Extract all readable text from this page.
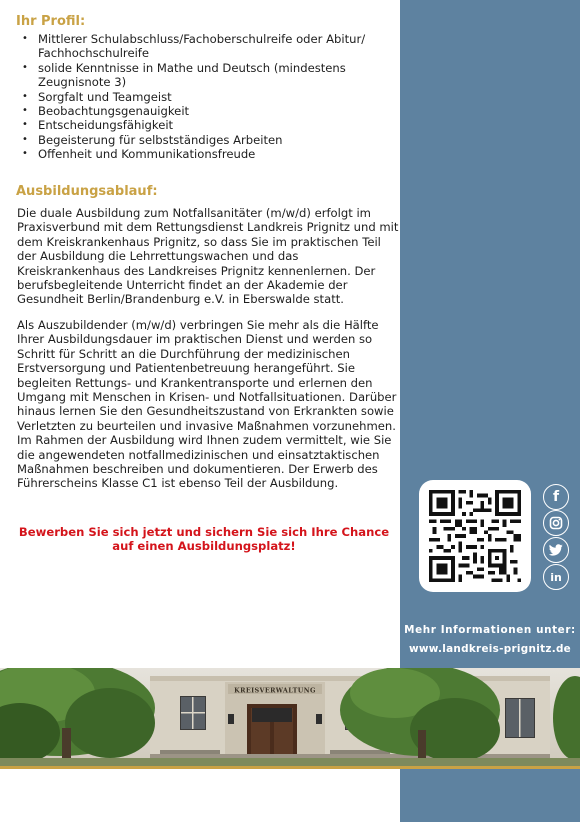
Ihr Profil:
• Mittlerer Schulabschluss/Fachoberschulreife oder Abitur/ Fachhochschulreife
• solide Kenntnisse in Mathe und Deutsch (mindestens Zeugnisnote 3)
• Sorgfalt und Teamgeist
• Beobachtungsgenauigkeit
• Entscheidungsfähigkeit
• Begeisterung für selbstständiges Arbeiten
• Offenheit und Kommunikationsfreude
Ausbildungsablauf:

Die duale Ausbildung zum Notfallsanitäter (m/w/d) erfolgt im Praxisverbund mit dem Rettungsdienst Landkreis Prignitz und mit dem Kreiskrankenhaus Prignitz, so dass Sie im praktischen Teil der Ausbildung die Lehrrettungswachen und das Kreiskrankenhaus des Landkreises Prignitz kennenlernen. Der berufsbegleitende Unterricht findet an der Akademie der Gesundheit Berlin/Brandenburg e.V. in Eberswalde statt.

Als Auszubildender (m/w/d) verbringen Sie mehr als die Hälfte Ihrer Ausbildungsdauer im praktischen Dienst und werden so Schritt für Schritt an die Durchführung der medizinischen Erstversorgung und Patientenbetreuung herangeführt. Sie begleiten Rettungs- und Krankentransporte und erlernen den Umgang mit Menschen in Krisen- und Notfallsituationen. Darüber hinaus lernen Sie den Gesundheitszustand von Erkrankten sowie Verletzten zu beurteilen und invasive Maßnahmen vorzunehmen. Im Rahmen der Ausbildung wird Ihnen zudem vermittelt, wie Sie die angewendeten notfallmedizinischen und einsatztaktischen Maßnahmen beschreiben und dokumentieren. Der Erwerb des Führerscheins Klasse C1 ist ebenso Teil der Ausbildung.

Bewerben Sie sich jetzt und sichern Sie sich Ihre Chance auf einen Ausbildungsplatz!

f
in
Mehr Informationen unter:
www.landkreis-prignitz.de
KREISVERWALTUNG
